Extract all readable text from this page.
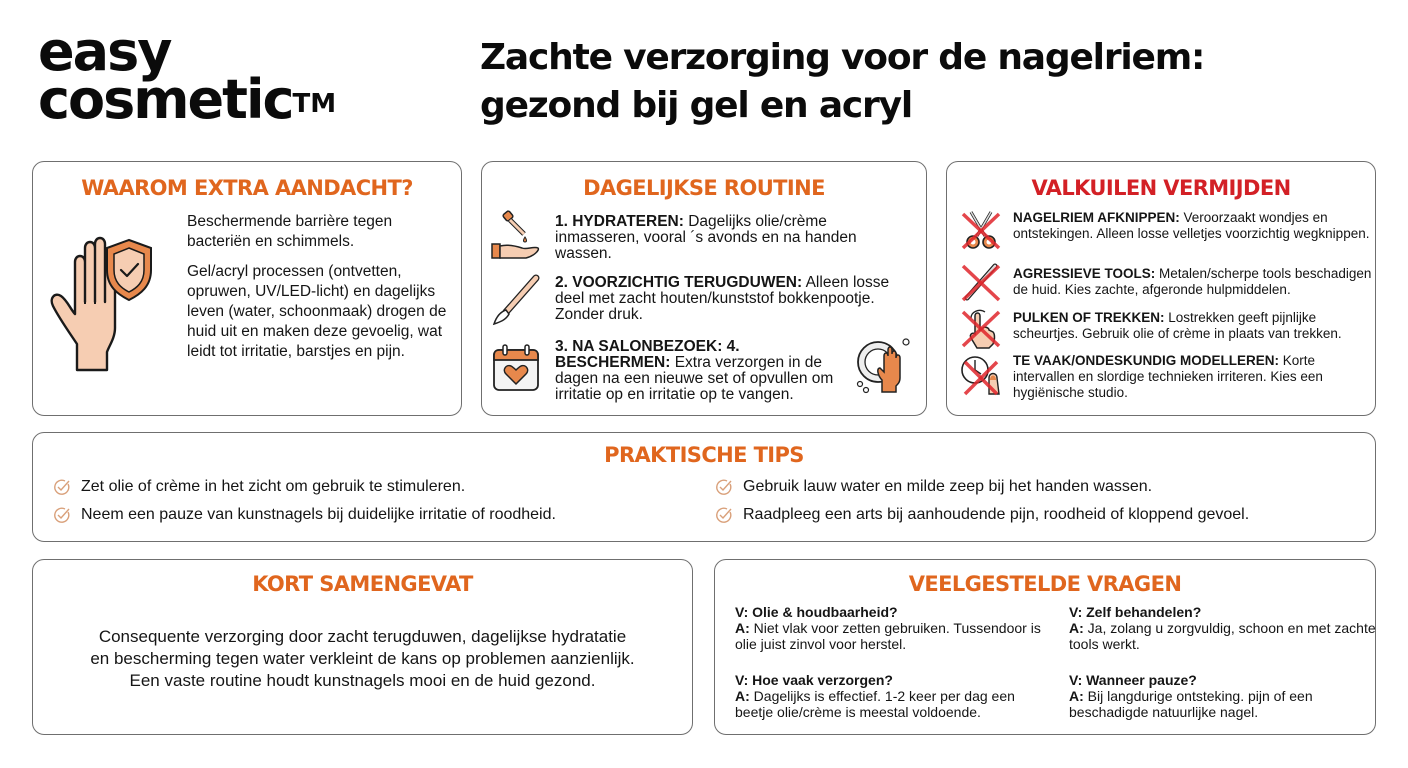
easy
cosmetic™
Zachte verzorging voor de nagelriem:
gezond bij gel en acryl
WAAROM EXTRA AANDACHT?

Beschermende barrière tegen bacteriën en schimmels.

Gel/acryl processen (ontvetten, opruwen, UV/LED-licht) en dagelijks leven (water, schoonmaak) drogen de huid uit en maken deze gevoelig, wat leidt tot irritatie, barstjes en pijn.

DAGELIJKSE ROUTINE
1. HYDRATEREN: Dagelijks olie/crème inmasseren, vooral ´s avonds en na handen wassen.
2. VOORZICHTIG TERUGDUWEN: Alleen losse deel met zacht houten/kunststof bokkenpootje. Zonder druk.
3. NA SALONBEZOEK: 4. BESCHERMEN: Extra verzorgen in de dagen na een nieuwe set of opvullen om irritatie op en irritatie op te vangen.
VALKUILEN VERMIJDEN
NAGELRIEM AFKNIPPEN: Veroorzaakt wondjes en ontstekingen. Alleen losse velletjes voorzichtig wegknippen.
AGRESSIEVE TOOLS: Metalen/scherpe tools beschadigen de huid. Kies zachte, afgeronde hulpmiddelen.
PULKEN OF TREKKEN: Lostrekken geeft pijnlijke scheurtjes. Gebruik olie of crème in plaats van trekken.
TE VAAK/ONDESKUNDIG MODELLEREN: Korte intervallen en slordige technieken irriteren. Kies een hygiënische studio.
PRAKTISCHE TIPS
Zet olie of crème in het zicht om gebruik te stimuleren.
Neem een pauze van kunstnagels bij duidelijke irritatie of roodheid.
Gebruik lauw water en milde zeep bij het handen wassen.
Raadpleeg een arts bij aanhoudende pijn, roodheid of kloppend gevoel.
KORT SAMENGEVAT
Consequente verzorging door zacht terugduwen, dagelijkse hydratatie
en bescherming tegen water verkleint de kans op problemen aanzienlijk.
Een vaste routine houdt kunstnagels mooi en de huid gezond.
VEELGESTELDE VRAGEN
V: Olie & houdbaarheid?
A: Niet vlak voor zetten gebruiken. Tussendoor is olie juist zinvol voor herstel.
V: Zelf behandelen?
A: Ja, zolang u zorgvuldig, schoon en met zachte tools werkt.
V: Hoe vaak verzorgen?
A: Dagelijks is effectief. 1-2 keer per dag een beetje olie/crème is meestal voldoende.
V: Wanneer pauze?
A: Bij langdurige ontsteking. pijn of een beschadigde natuurlijke nagel.
